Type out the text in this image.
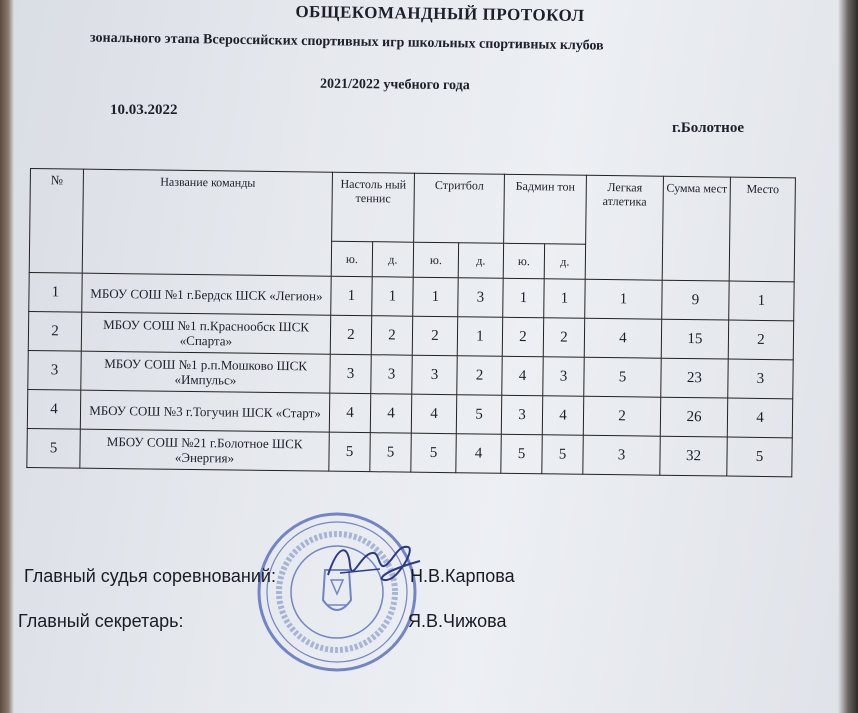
ОБЩЕКОМАНДНЫЙ ПРОТОКОЛ
зонального этапа Всероссийских спортивных игр школьных спортивных клубов
2021/2022 учебного года
10.03.2022
г.Болотное
№	Название команды	Настоль ный теннис		Стритбол		Бадмин тон		Легкая атлетика	Сумма мест	Место
		ю.	д.	ю.	д.	ю.	д.			
1	МБОУ СОШ №1 г.Бердск ШСК «Легион»	1	1	1	3	1	1	1	9	1
2	МБОУ СОШ №1 п.Краснообск ШСК «Спарта»	2	2	2	1	2	2	4	15	2
3	МБОУ СОШ №1 р.п.Мошково ШСК «Импульс»	3	3	3	2	4	3	5	23	3
4	МБОУ СОШ №3 г.Тогучин ШСК «Старт»	4	4	4	5	3	4	2	26	4
5	МБОУ СОШ №21 г.Болотное ШСК «Энергия»	5	5	5	4	5	5	3	32	5
Главный судья соревнований:	Н.В.Карпова
Главный секретарь:	Я.В.Чижова
